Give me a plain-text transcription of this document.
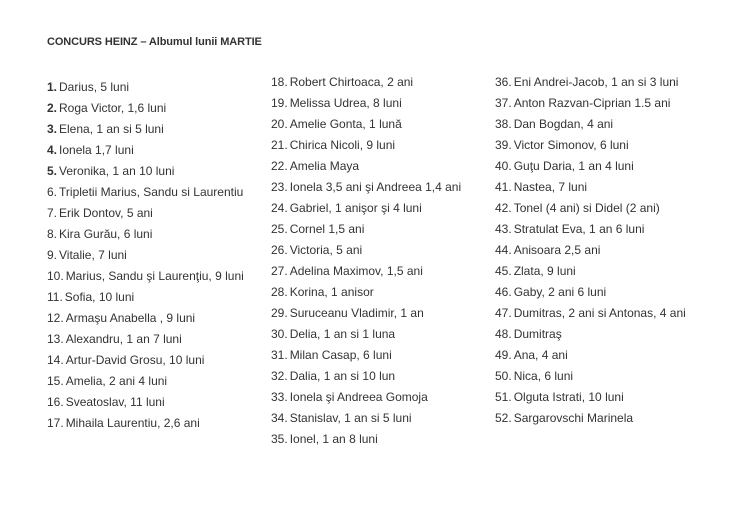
CONCURS HEINZ – Albumul lunii MARTIE
1. Darius, 5 luni
2. Roga Victor, 1,6 luni
3. Elena, 1 an si 5 luni
4. Ionela 1,7 luni
5. Veronika, 1 an 10 luni
6. Tripletii Marius, Sandu si Laurentiu
7. Erik Dontov, 5 ani
8. Kira Gurău, 6 luni
9. Vitalie, 7 luni
10. Marius, Sandu şi Laurenţiu, 9 luni
11. Sofia, 10 luni
12. Armaşu Anabella , 9 luni
13. Alexandru, 1 an 7 luni
14. Artur-David Grosu, 10 luni
15. Amelia, 2 ani 4 luni
16. Sveatoslav, 11 luni
17. Mihaila Laurentiu, 2,6 ani
18. Robert Chirtoaca, 2 ani
19. Melissa Udrea, 8 luni
20. Amelie Gonta, 1 lună
21. Chirica Nicoli, 9 luni
22. Amelia Maya
23. Ionela 3,5 ani şi Andreea 1,4 ani
24. Gabriel, 1 anişor şi 4 luni
25. Cornel 1,5 ani
26. Victoria, 5 ani
27. Adelina Maximov, 1,5 ani
28. Korina, 1 anisor
29. Suruceanu Vladimir, 1 an
30. Delia, 1 an si 1 luna
31. Milan Casap, 6 luni
32. Dalia, 1 an si 10 lun
33. Ionela şi Andreea Gomoja
34. Stanislav, 1 an si 5 luni
35. Ionel, 1 an 8 luni
36. Eni Andrei-Jacob, 1 an si 3 luni
37. Anton Razvan-Ciprian 1.5 ani
38. Dan Bogdan, 4 ani
39. Victor Simonov, 6 luni
40. Guţu Daria, 1 an 4 luni
41. Nastea, 7 luni
42. Tonel (4 ani) si Didel (2 ani)
43. Stratulat Eva, 1 an 6 luni
44. Anisoara 2,5 ani
45. Zlata, 9 luni
46. Gaby, 2 ani 6 luni
47. Dumitras, 2 ani si Antonas, 4 ani
48. Dumitraş
49. Ana, 4 ani
50. Nica, 6 luni
51. Olguta Istrati, 10 luni
52. Sargarovschi Marinela
